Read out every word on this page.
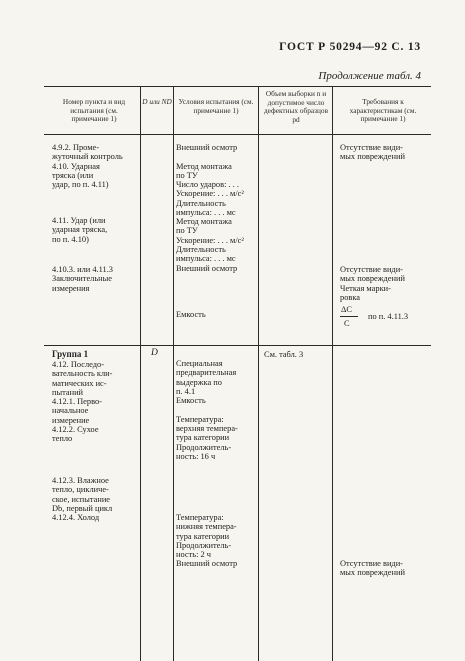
ГОСТ Р 50294—92 С. 13
Продолжение табл. 4
Номер пункта и вид испытания (см. примечание 1)
D или ND Условия испытания (см. примечание 1)
Объем выборки n и допустимое число дефектных образцов pd
Требования к характеристикам (см. примечание 1)
4.9.2. Проме-
жуточный контроль
4.10. Ударная
тряска (или
удар, по п. 4.11)
4.11. Удар (или
ударная тряска,
по п. 4.10)
4.10.3. или 4.11.3
Заключительные
измерения
Группа 1
4.12. Последо-
вательность кли-
матических ис-
пытаний
4.12.1. Перво-
начальное
измерение
4.12.2. Сухое
тепло
4.12.3. Влажное
тепло, цикличе-
ское, испытание
Db, первый цикл
4.12.4. Холод
D
Внешний осмотр
Метод монтажа
по ТУ
Число ударов: . . .
Ускорение: . . . м/с²
Длительность
импульса: . . . мс
Метод монтажа
по ТУ
Ускорение: . . . м/с²
Длительность
импульса: . . . мс
Внешний осмотр
Емкость
Специальная
предварительная
выдержка по
п. 4.1
Емкость
Температура:
верхняя темпера-
тура категории
Продолжитель-
ность: 16 ч
Температура:
нижняя темпера-
тура категории
Продолжитель-
ность: 2 ч
Внешний осмотр
См. табл. 3
Отсутствие види-
мых повреждений
Отсутствие види-
мых повреждений
Четкая марки-
ровка
ΔC
C
по п. 4.11.3
Отсутствие види-
мых повреждений
